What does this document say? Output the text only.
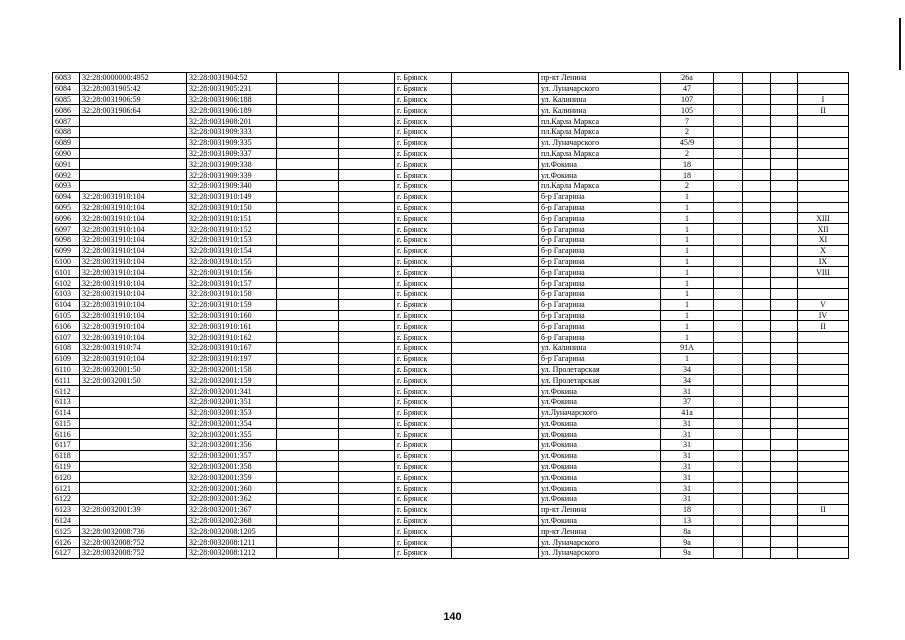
6083	32:28:0000000:4952	32:28:0031904:52			г. Брянск		пр-кт Ленина	26а				
6084	32:28:0031905:42	32:28:0031905:231			г. Брянск		ул. Луначарского	47				
6085	32:28:0031906:59	32:28:0031906:188			г. Брянск		ул. Калинина	107				I
6086	32:28:0031906:64	32:28:0031906:189			г. Брянск		ул. Калинина	105				II
6087		32:28:0031908:201			г. Брянск		пл.Карла Маркса	7				
6088		32:28:0031909:333			г. Брянск		пл.Карла Маркса	2				
6089		32:28:0031909:335			г. Брянск		ул. Луначарского	45/9				
6090		32:28:0031909:337			г. Брянск		пл.Карла Маркса	2				
6091		32:28:0031909:338			г. Брянск		ул.Фокина	18				
6092		32:28:0031909:339			г. Брянск		ул.Фокина	18				
6093		32:28:0031909:340			г. Брянск		пл.Карла Маркса	2				
6094	32:28:0031910:104	32:28:0031910:149			г. Брянск		б-р Гагарина	1				
6095	32:28:0031910:104	32:28:0031910:150			г. Брянск		б-р Гагарина	1				
6096	32:28:0031910:104	32:28:0031910:151			г. Брянск		б-р Гагарина	1				XIII
6097	32:28:0031910:104	32:28:0031910:152			г. Брянск		б-р Гагарина	1				XII
6098	32:28:0031910:104	32:28:0031910:153			г. Брянск		б-р Гагарина	1				XI
6099	32:28:0031910:104	32:28:0031910:154			г. Брянск		б-р Гагарина	1				X
6100	32:28:0031910:104	32:28:0031910:155			г. Брянск		б-р Гагарина	1				IX
6101	32:28:0031910:104	32:28:0031910:156			г. Брянск		б-р Гагарина	1				VIII
6102	32:28:0031910:104	32:28:0031910:157			г. Брянск		б-р Гагарина	1				
6103	32:28:0031910:104	32:28:0031910:158			г. Брянск		б-р Гагарина	1				
6104	32:28:0031910:104	32:28:0031910:159			г. Брянск		б-р Гагарина	1				V
6105	32:28:0031910:104	32:28:0031910:160			г. Брянск		б-р Гагарина	1				IV
6106	32:28:0031910:104	32:28:0031910:161			г. Брянск		б-р Гагарина	1				II
6107	32:28:0031910:104	32:28:0031910:162			г. Брянск		б-р Гагарина	1				
6108	32:28:0031910:74	32:28:0031910:167			г. Брянск		ул. Калинина	91А				
6109	32:28:0031910:104	32:28:0031910:197			г. Брянск		б-р Гагарина	1				
6110	32:28:0032001:50	32:28:0032001:158			г. Брянск		ул. Пролетарская	34				
6111	32:28:0032001:50	32:28:0032001:159			г. Брянск		ул. Пролетарская	34				
6112		32:28:0032001:341			г. Брянск		ул.Фокина	31				
6113		32:28:0032001:351			г. Брянск		ул.Фокина	37				
6114		32:28:0032001:353			г. Брянск		ул.Луначарского	41а				
6115		32:28:0032001:354			г. Брянск		ул.Фокина	31				
6116		32:28:0032001:355			г. Брянск		ул.Фокина	31				
6117		32:28:0032001:356			г. Брянск		ул.Фокина	31				
6118		32:28:0032001:357			г. Брянск		ул.Фокина	31				
6119		32:28:0032001:358			г. Брянск		ул.Фокина	31				
6120		32:28:0032001:359			г. Брянск		ул.Фокина	31				
6121		32:28:0032001:360			г. Брянск		ул.Фокина	31				
6122		32:28:0032001:362			г. Брянск		ул.Фокина	31				
6123	32:28:0032001:39	32:28:0032001:367			г. Брянск		пр-кт Ленина	18				II
6124		32:28:0032002:368			г. Брянск		ул.Фокина	13				
6125	32:28:0032008:736	32:28:0032008:1205			г. Брянск		пр-кт Ленина	8а				
6126	32:28:0032008:752	32:28:0032008:1211			г. Брянск		ул. Луначарского	9а				
6127	32:28:0032008:752	32:28:0032008:1212			г. Брянск		ул. Луначарского	9а				
140
